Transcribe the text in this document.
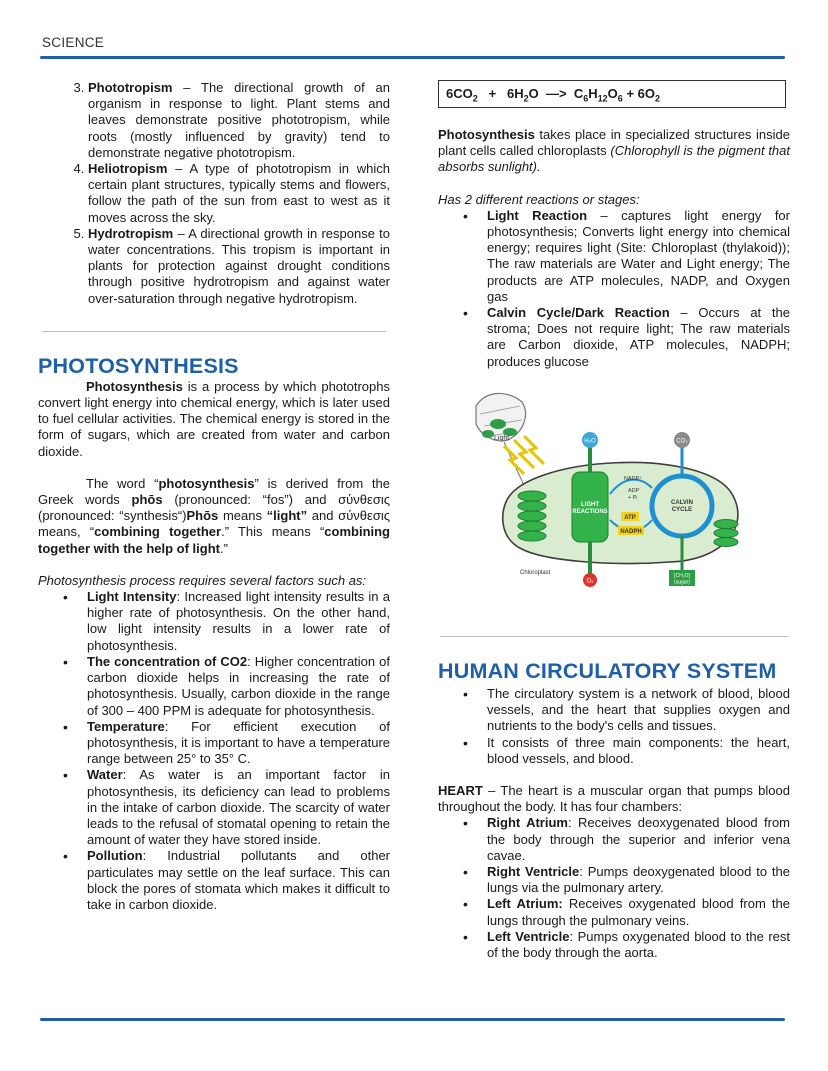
SCIENCE
3. Phototropism – The directional growth of an organism in response to light. Plant stems and leaves demonstrate positive phototropism, while roots (mostly influenced by gravity) tend to demonstrate negative phototropism.
4. Heliotropism – A type of phototropism in which certain plant structures, typically stems and flowers, follow the path of the sun from east to west as it moves across the sky.
5. Hydrotropism – A directional growth in response to water concentrations. This tropism is important in plants for protection against drought conditions through positive hydrotropism and against water over-saturation through negative hydrotropism.
PHOTOSYNTHESIS

Photosynthesis is a process by which phototrophs convert light energy into chemical energy, which is later used to fuel cellular activities. The chemical energy is stored in the form of sugars, which are created from water and carbon dioxide.

The word “photosynthesis” is derived from the Greek words phōs (pronounced: “fos”) and σύνθεσις (pronounced: “synthesis“)Phōs means “light” and σύνθεσις means, “combining together.” This means “combining together with the help of light.”

Photosynthesis process requires several factors such as:

• Light Intensity: Increased light intensity results in a higher rate of photosynthesis. On the other hand, low light intensity results in a lower rate of photosynthesis.
• The concentration of CO2: Higher concentration of carbon dioxide helps in increasing the rate of photosynthesis. Usually, carbon dioxide in the range of 300 – 400 PPM is adequate for photosynthesis.
• Temperature: For efficient execution of photosynthesis, it is important to have a temperature range between 25° to 35° C.
• Water: As water is an important factor in photosynthesis, its deficiency can lead to problems in the intake of carbon dioxide. The scarcity of water leads to the refusal of stomatal opening to retain the amount of water they have stored inside.
• Pollution: Industrial pollutants and other particulates may settle on the leaf surface. This can block the pores of stomata which makes it difficult to take in carbon dioxide.
$6CO_2 + 6H_2O$ —> $C_6H_{12}O_6 + 6O_2$

Photosynthesis takes place in specialized structures inside plant cells called chloroplasts (Chlorophyll is the pigment that absorbs sunlight).

Has 2 different reactions or stages:

• Light Reaction – captures light energy for photosynthesis; Converts light energy into chemical energy; requires light (Site: Chloroplast (thylakoid)); The raw materials are Water and Light energy; The products are ATP molecules, NADP, and Oxygen gas
• Calvin Cycle/Dark Reaction – Occurs at the stroma; Does not require light; The raw materials are Carbon dioxide, ATP molecules, NADPH; produces glucose
Light
LIGHT
REACTIONS
H₂O
O₂
CALVIN
CYCLE
CO₂
[CH₂O]
(sugar)
NADP⁺
ADP
+ Pᵢ
ATP
NADPH
Chloroplast
HUMAN CIRCULATORY SYSTEM
• The circulatory system is a network of blood, blood vessels, and the heart that supplies oxygen and nutrients to the body's cells and tissues.
• It consists of three main components: the heart, blood vessels, and blood.

HEART – The heart is a muscular organ that pumps blood throughout the body. It has four chambers:

• Right Atrium: Receives deoxygenated blood from the body through the superior and inferior vena cavae.
• Right Ventricle: Pumps deoxygenated blood to the lungs via the pulmonary artery.
• Left Atrium: Receives oxygenated blood from the lungs through the pulmonary veins.
• Left Ventricle: Pumps oxygenated blood to the rest of the body through the aorta.
